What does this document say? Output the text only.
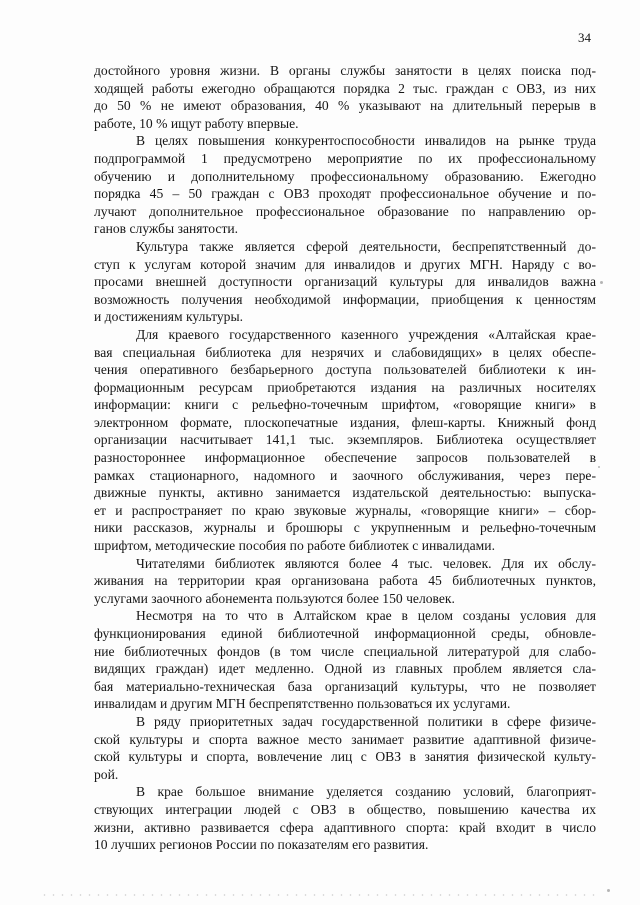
34
достойного уровня жизни. В органы службы занятости в целях поиска под-
ходящей работы ежегодно обращаются порядка 2 тыс. граждан с ОВЗ, из них
до 50 % не имеют образования, 40 % указывают на длительный перерыв в
работе, 10 % ищут работу впервые.
В целях повышения конкурентоспособности инвалидов на рынке труда
подпрограммой 1 предусмотрено мероприятие по их профессиональному
обучению и дополнительному профессиональному образованию. Ежегодно
порядка 45 – 50 граждан с ОВЗ проходят профессиональное обучение и по-
лучают дополнительное профессиональное образование по направлению ор-
ганов службы занятости.
Культура также является сферой деятельности, беспрепятственный до-
ступ к услугам которой значим для инвалидов и других МГН. Наряду с во-
просами внешней доступности организаций культуры для инвалидов важна
возможность получения необходимой информации, приобщения к ценностям
и достижениям культуры.
Для краевого государственного казенного учреждения «Алтайская крае-
вая специальная библиотека для незрячих и слабовидящих» в целях обеспе-
чения оперативного безбарьерного доступа пользователей библиотеки к ин-
формационным ресурсам приобретаются издания на различных носителях
информации: книги с рельефно-точечным шрифтом, «говорящие книги» в
электронном формате, плоскопечатные издания, флеш-карты. Книжный фонд
организации насчитывает 141,1 тыс. экземпляров. Библиотека осуществляет
разностороннее информационное обеспечение запросов пользователей в
рамках стационарного, надомного и заочного обслуживания, через пере-
движные пункты, активно занимается издательской деятельностью: выпуска-
ет и распространяет по краю звуковые журналы, «говорящие книги» – сбор-
ники рассказов, журналы и брошюры с укрупненным и рельефно-точечным
шрифтом, методические пособия по работе библиотек с инвалидами.
Читателями библиотек являются более 4 тыс. человек. Для их обслу-
живания на территории края организована работа 45 библиотечных пунктов,
услугами заочного абонемента пользуются более 150 человек.
Несмотря на то что в Алтайском крае в целом созданы условия для
функционирования единой библиотечной информационной среды, обновле-
ние библиотечных фондов (в том числе специальной литературой для слабо-
видящих граждан) идет медленно. Одной из главных проблем является сла-
бая материально-техническая база организаций культуры, что не позволяет
инвалидам и другим МГН беспрепятственно пользоваться их услугами.
В ряду приоритетных задач государственной политики в сфере физиче-
ской культуры и спорта важное место занимает развитие адаптивной физиче-
ской культуры и спорта, вовлечение лиц с ОВЗ в занятия физической культу-
рой.
В крае большое внимание уделяется созданию условий, благоприят-
ствующих интеграции людей с ОВЗ в общество, повышению качества их
жизни, активно развивается сфера адаптивного спорта: край входит в число
10 лучших регионов России по показателям его развития.
